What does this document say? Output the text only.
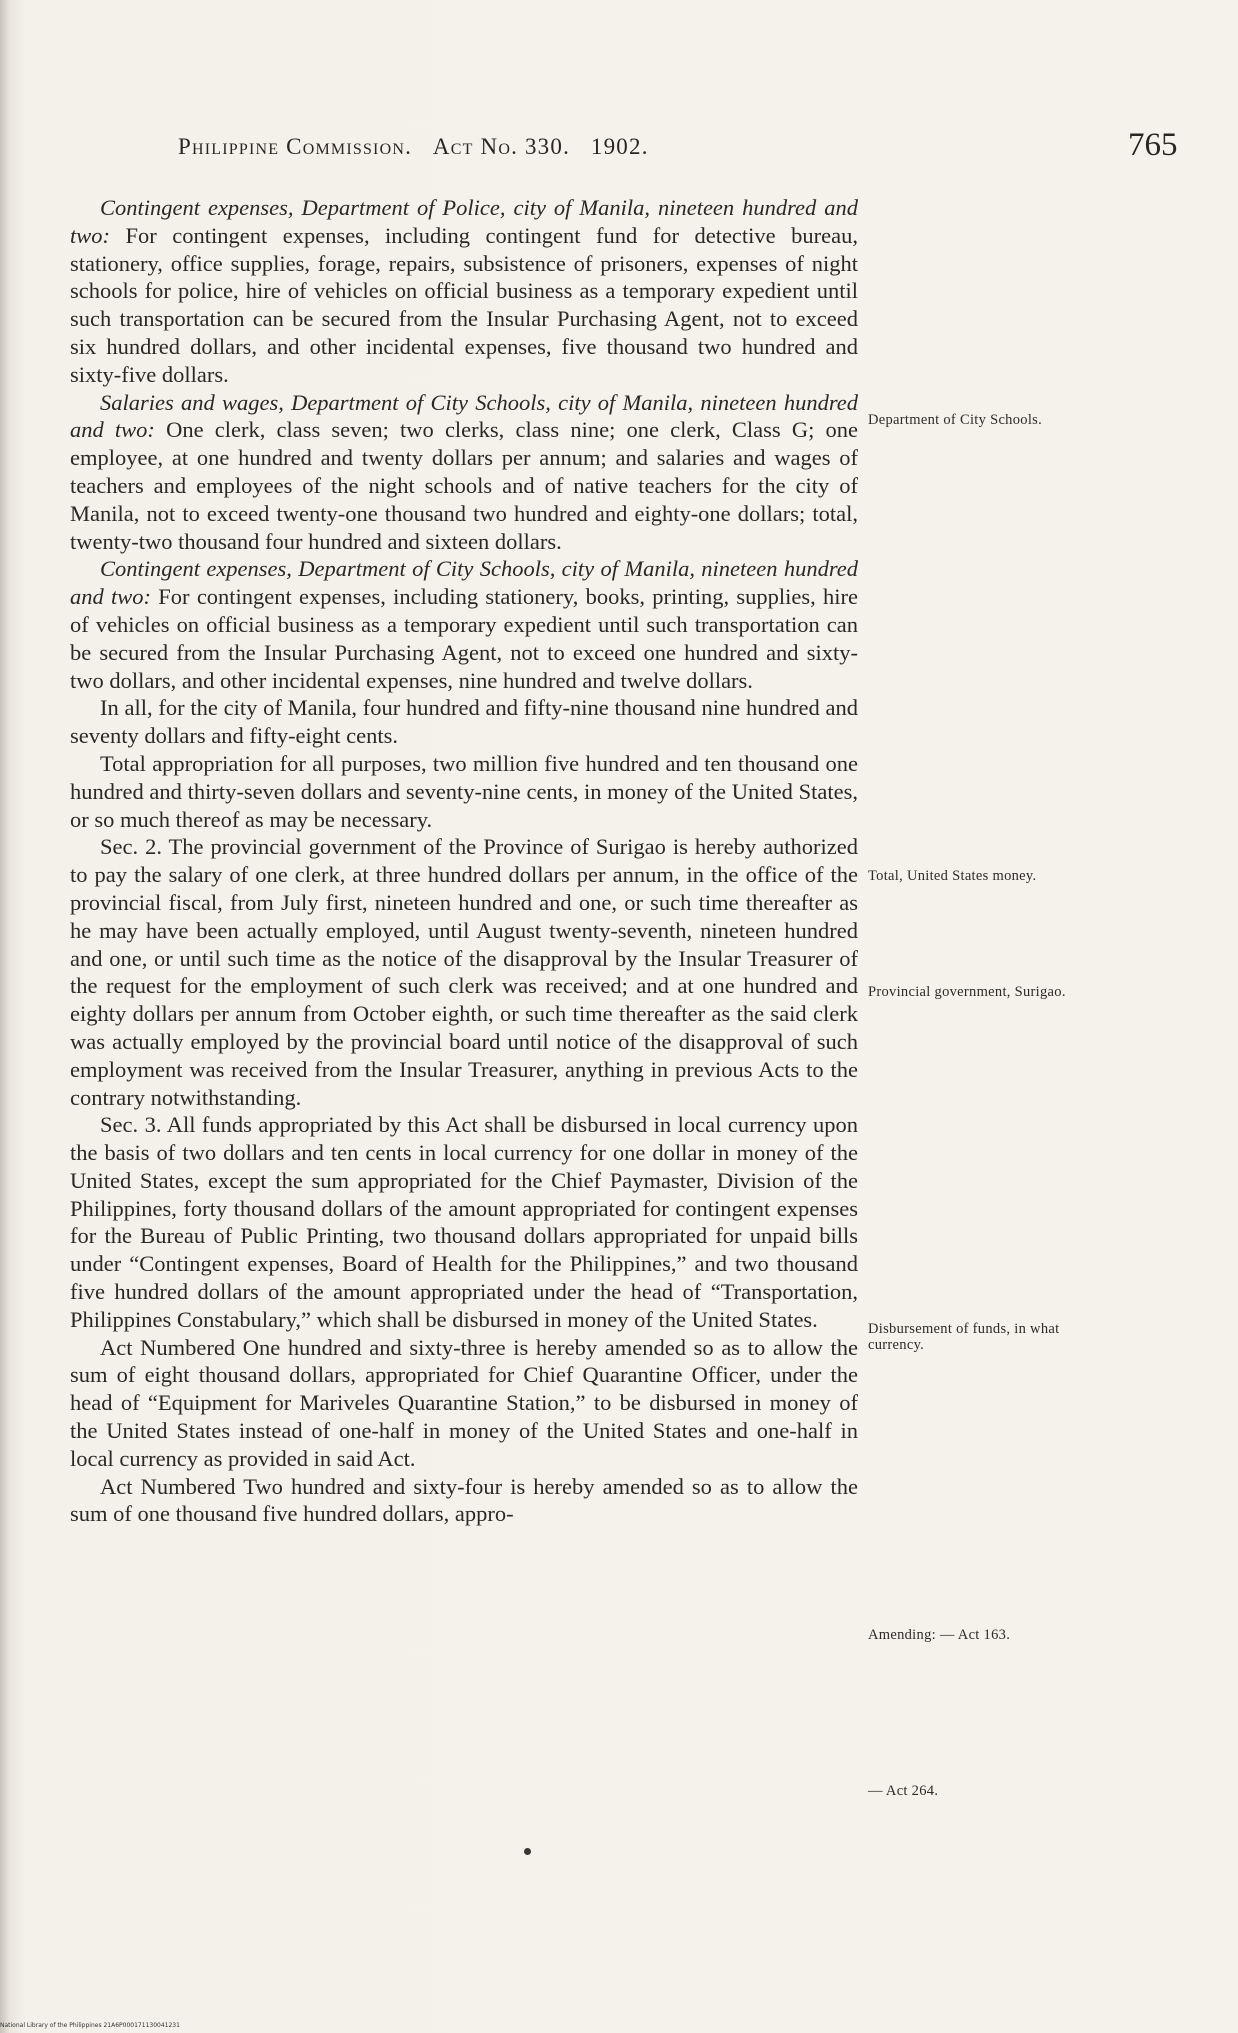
Philippine Commission. Act No. 330. 1902.	765

Contingent expenses, Department of Police, city of Manila, nineteen hundred and two: For contingent expenses, including contingent fund for detective bureau, stationery, office supplies, forage, repairs, subsistence of prisoners, expenses of night schools for police, hire of vehicles on official business as a temporary expedient until such transportation can be secured from the Insular Purchasing Agent, not to exceed six hundred dollars, and other incidental expenses, five thousand two hundred and sixty-five dollars.

Salaries and wages, Department of City Schools, city of Manila, nineteen hundred and two: One clerk, class seven; two clerks, class nine; one clerk, Class G; one employee, at one hundred and twenty dollars per annum; and salaries and wages of teachers and employees of the night schools and of native teachers for the city of Manila, not to exceed twenty-one thousand two hundred and eighty-one dollars; total, twenty-two thousand four hundred and sixteen dollars.

Contingent expenses, Department of City Schools, city of Manila, nineteen hundred and two: For contingent expenses, including stationery, books, printing, supplies, hire of vehicles on official business as a temporary expedient until such transportation can be secured from the Insular Purchasing Agent, not to exceed one hundred and sixty-two dollars, and other incidental expenses, nine hundred and twelve dollars.

In all, for the city of Manila, four hundred and fifty-nine thousand nine hundred and seventy dollars and fifty-eight cents.

Total appropriation for all purposes, two million five hundred and ten thousand one hundred and thirty-seven dollars and seventy-nine cents, in money of the United States, or so much thereof as may be necessary.

Sec. 2. The provincial government of the Province of Surigao is hereby authorized to pay the salary of one clerk, at three hundred dollars per annum, in the office of the provincial fiscal, from July first, nineteen hundred and one, or such time thereafter as he may have been actually employed, until August twenty-seventh, nineteen hundred and one, or until such time as the notice of the disapproval by the Insular Treasurer of the request for the employment of such clerk was received; and at one hundred and eighty dollars per annum from October eighth, or such time thereafter as the said clerk was actually employed by the provincial board until notice of the disapproval of such employment was received from the Insular Treasurer, anything in previous Acts to the contrary notwithstanding.

Sec. 3. All funds appropriated by this Act shall be disbursed in local currency upon the basis of two dollars and ten cents in local currency for one dollar in money of the United States, except the sum appropriated for the Chief Paymaster, Division of the Philippines, forty thousand dollars of the amount appropriated for contingent expenses for the Bureau of Public Printing, two thousand dollars appropriated for unpaid bills under “Contingent expenses, Board of Health for the Philippines,” and two thousand five hundred dollars of the amount appropriated under the head of “Transportation, Philippines Constabulary,” which shall be disbursed in money of the United States.

Act Numbered One hundred and sixty-three is hereby amended so as to allow the sum of eight thousand dollars, appropriated for Chief Quarantine Officer, under the head of “Equipment for Mariveles Quarantine Station,” to be disbursed in money of the United States instead of one-half in money of the United States and one-half in local currency as provided in said Act.

Act Numbered Two hundred and sixty-four is hereby amended so as to allow the sum of one thousand five hundred dollars, appro-

Department of City Schools.
Total, United States money.
Provincial government, Surigao.
Disbursement of funds, in what currency.
Amending: — Act 163.
— Act 264.
National Library of the Philippines 21A6P000171130041231
